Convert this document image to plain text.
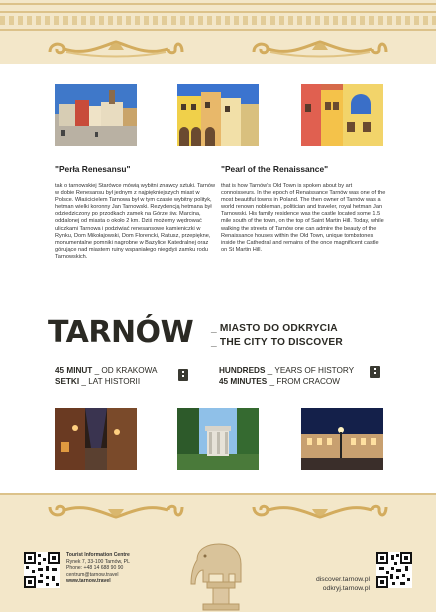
"Perła Renesansu"
tak o tarnowskiej Starówce mówią wybitni znawcy sztuki. Tarnów w dobie Renesansu był jednym z najpiękniejszych miast w Polsce. Właścicielem Tarnowa był w tym czasie wybitny polityk, hetman wielki koronny Jan Tarnowski. Rezydencją hetmana był odziedziczony po przodkach zamek na Górze św. Marcina, oddalonej od miasta o około 2 km. Dziś możemy wędrować uliczkami Tarnowa i podziwiać renesansowe kamieniczki w Rynku, Dom Mikołajowski, Dom Florencki, Ratusz, przepiękne, monumentalne pomniki nagrobne w Bazylice Katedralnej oraz górujące nad miastem ruiny wspaniałego niegdyś zamku rodu Tarnowskich.
"Pearl of the Renaissance"
that is how Tarnów's Old Town is spoken about by art connoisseurs. In the epoch of Renaissance Tarnów was one of the most beautiful towns in Poland. The then owner of Tarnów was a world renown nobleman, politician and traveler, royal hetman Jan Tarnowski. His family residence was the castle located some 1.5 mile south of the town, on the top of Saint Martin Hill. Today, while walking the streets of Tarnów one can admire the beauty of the Renaissance houses within the Old Town, unique tombstones inside the Cathedral and remains of the once magnificent castle on St Martin Hill.
TARNÓW _ MIASTO DO ODKRYCIA
_ THE CITY TO DISCOVER
45 MINUT _ OD KRAKOWA
SETKI _ LAT HISTORII
HUNDREDS _ YEARS OF HISTORY
45 MINUTES _ FROM CRACOW
Tourist Information Centre
Rynek 7, 33-100 Tarnów, PL
Phone: +48 14 688 90 90
centrum@tarnow.travel
www.tarnow.travel	discover.tarnow.pl
odkryj.tarnow.pl
